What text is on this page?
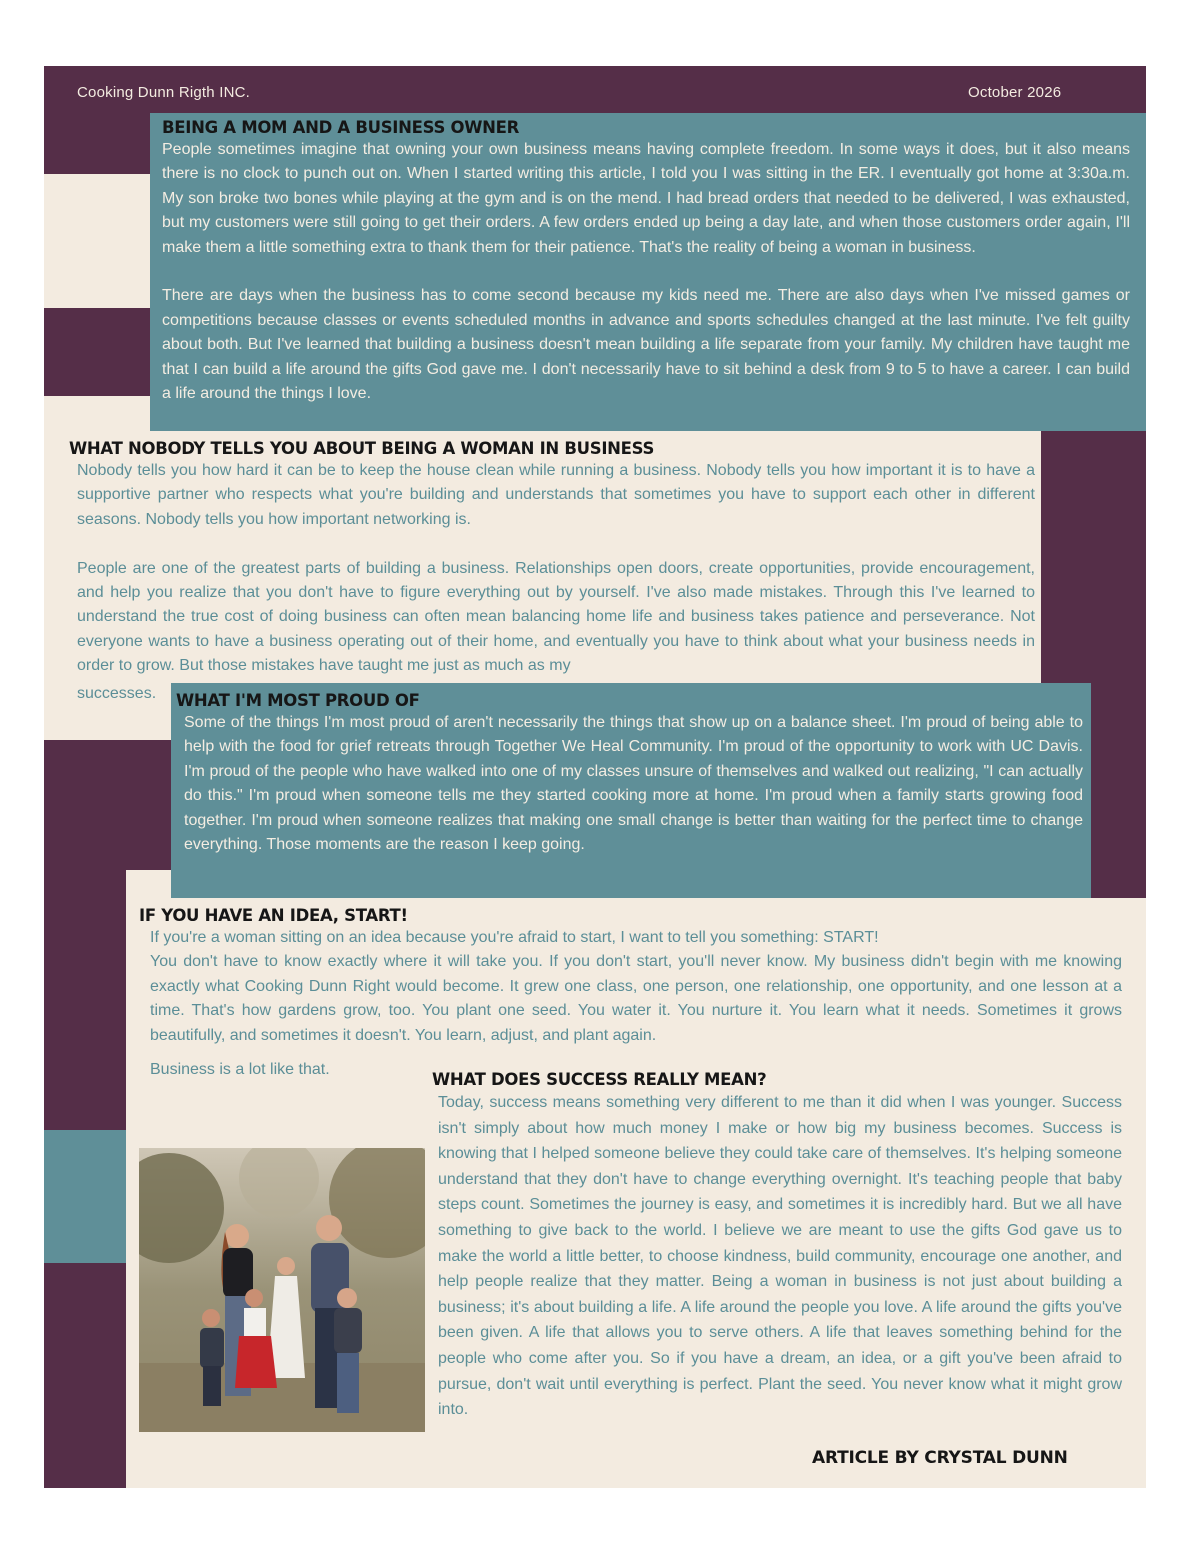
Cooking Dunn Rigth INC.	October 2026
BEING A MOM AND A BUSINESS OWNER

People sometimes imagine that owning your own business means having complete freedom. In some ways it does, but it also means there is no clock to punch out on. When I started writing this article, I told you I was sitting in the ER. I eventually got home at 3:30a.m. My son broke two bones while playing at the gym and is on the mend. I had bread orders that needed to be delivered, I was exhausted, but my customers were still going to get their orders. A few orders ended up being a day late, and when those customers order again, I'll make them a little something extra to thank them for their patience. That's the reality of being a woman in business.

There are days when the business has to come second because my kids need me. There are also days when I've missed games or competitions because classes or events scheduled months in advance and sports schedules changed at the last minute. I've felt guilty about both. But I've learned that building a business doesn't mean building a life separate from your family. My children have taught me that I can build a life around the gifts God gave me. I don't necessarily have to sit behind a desk from 9 to 5 to have a career. I can build a life around the things I love.

WHAT NOBODY TELLS YOU ABOUT BEING A WOMAN IN BUSINESS

Nobody tells you how hard it can be to keep the house clean while running a business. Nobody tells you how important it is to have a supportive partner who respects what you're building and understands that sometimes you have to support each other in different seasons. Nobody tells you how important networking is.

People are one of the greatest parts of building a business. Relationships open doors, create opportunities, provide encouragement, and help you realize that you don't have to figure everything out by yourself. I've also made mistakes. Through this I've learned to understand the true cost of doing business can often mean balancing home life and business takes patience and perseverance. Not everyone wants to have a business operating out of their home, and eventually you have to think about what your business needs in order to grow. But those mistakes have taught me just as much as my

successes. WHAT I'M MOST PROUD OF

Some of the things I'm most proud of aren't necessarily the things that show up on a balance sheet. I'm proud of being able to help with the food for grief retreats through Together We Heal Community. I'm proud of the opportunity to work with UC Davis. I'm proud of the people who have walked into one of my classes unsure of themselves and walked out realizing, "I can actually do this." I'm proud when someone tells me they started cooking more at home. I'm proud when a family starts growing food together. I'm proud when someone realizes that making one small change is better than waiting for the perfect time to change everything. Those moments are the reason I keep going.

IF YOU HAVE AN IDEA, START!

If you're a woman sitting on an idea because you're afraid to start, I want to tell you something: START!

You don't have to know exactly where it will take you. If you don't start, you'll never know. My business didn't begin with me knowing exactly what Cooking Dunn Right would become. It grew one class, one person, one relationship, one opportunity, and one lesson at a time. That's how gardens grow, too. You plant one seed. You water it. You nurture it. You learn what it needs. Sometimes it grows beautifully, and sometimes it doesn't. You learn, adjust, and plant again.

Business is a lot like that.
WHAT DOES SUCCESS REALLY MEAN?

Today, success means something very different to me than it did when I was younger. Success isn't simply about how much money I make or how big my business becomes. Success is knowing that I helped someone believe they could take care of themselves. It's helping someone understand that they don't have to change everything overnight. It's teaching people that baby steps count. Sometimes the journey is easy, and sometimes it is incredibly hard. But we all have something to give back to the world. I believe we are meant to use the gifts God gave us to make the world a little better, to choose kindness, build community, encourage one another, and help people realize that they matter. Being a woman in business is not just about building a business; it's about building a life. A life around the people you love. A life around the gifts you've been given. A life that allows you to serve others. A life that leaves something behind for the people who come after you. So if you have a dream, an idea, or a gift you've been afraid to pursue, don't wait until everything is perfect. Plant the seed. You never know what it might grow into.

ARTICLE BY CRYSTAL DUNN
